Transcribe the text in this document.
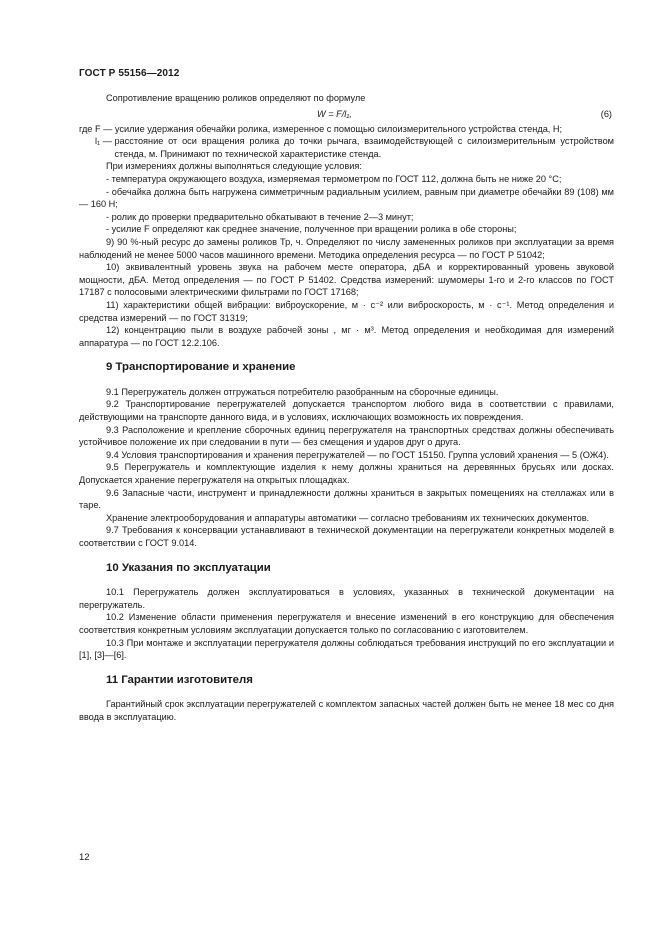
ГОСТ Р 55156—2012

Сопротивление вращению роликов определяют по формуле

W = F/l₁,	(6)
где F — усилие удержания обечайки ролика, измеренное с помощью силоизмерительного устройства стенда, Н;
l₁ — расстояние от оси вращения ролика до точки рычага, взаимодействующей с силоизмерительным устройством стенда, м. Принимают по технической характеристике стенда.

При измерениях должны выполняться следующие условия:

- температура окружающего воздуха, измеряемая термометром по ГОСТ 112, должна быть не ниже 20 °С;

- обечайка должна быть нагружена симметричным радиальным усилием, равным при диаметре обечайки 89 (108) мм — 160 Н;

- ролик до проверки предварительно обкатывают в течение 2—3 минут;

- усилие F определяют как среднее значение, полученное при вращении ролика в обе стороны;

9) 90 %-ный ресурс до замены роликов Тр, ч. Определяют по числу замененных роликов при эксплуатации за время наблюдений не менее 5000 часов машинного времени. Методика определения ресурса — по ГОСТ Р 51042;

10) эквивалентный уровень звука на рабочем месте оператора, дБА и корректированный уровень звуковой мощности, дБА. Метод определения — по ГОСТ Р 51402. Средства измерений: шумомеры 1-го и 2-го классов по ГОСТ 17187 с полосовыми электрическими фильтрами по ГОСТ 17168;

11) характеристики общей вибрации: виброускорение, м · с⁻² или виброскорость, м · с⁻¹. Метод определения и средства измерений — по ГОСТ 31319;

12) концентрацию пыли в воздухе рабочей зоны , мг · м³. Метод определения и необходимая для измерений аппаратура — по ГОСТ 12.2.106.

9 Транспортирование и хранение

9.1 Перегружатель должен отгружаться потребителю разобранным на сборочные единицы.

9.2 Транспортирование перегружателей допускается транспортом любого вида в соответствии с правилами, действующими на транспорте данного вида, и в условиях, исключающих возможность их повреждения.

9.3 Расположение и крепление сборочных единиц перегружателя на транспортных средствах должны обеспечивать устойчивое положение их при следовании в пути — без смещения и ударов друг о друга.

9.4 Условия транспортирования и хранения перегружателей — по ГОСТ 15150. Группа условий хранения — 5 (ОЖ4).

9.5 Перегружатель и комплектующие изделия к нему должны храниться на деревянных брусьях или досках. Допускается хранение перегружателя на открытых площадках.

9.6 Запасные части, инструмент и принадлежности должны храниться в закрытых помещениях на стеллажах или в таре.

Хранение электрооборудования и аппаратуры автоматики — согласно требованиям их технических документов.

9.7 Требования к консервации устанавливают в технической документации на перегружатели конкретных моделей в соответствии с ГОСТ 9.014.

10 Указания по эксплуатации

10.1 Перегружатель должен эксплуатироваться в условиях, указанных в технической документации на перегружатель.

10.2 Изменение области применения перегружателя и внесение изменений в его конструкцию для обеспечения соответствия конкретным условиям эксплуатации допускается только по согласованию с изготовителем.

10.3 При монтаже и эксплуатации перегружателя должны соблюдаться требования инструкций по его эксплуатации и [1], [3]—[6].

11 Гарантии изготовителя

Гарантийный срок эксплуатации перегружателей с комплектом запасных частей должен быть не менее 18 мес со дня ввода в эксплуатацию.

12
